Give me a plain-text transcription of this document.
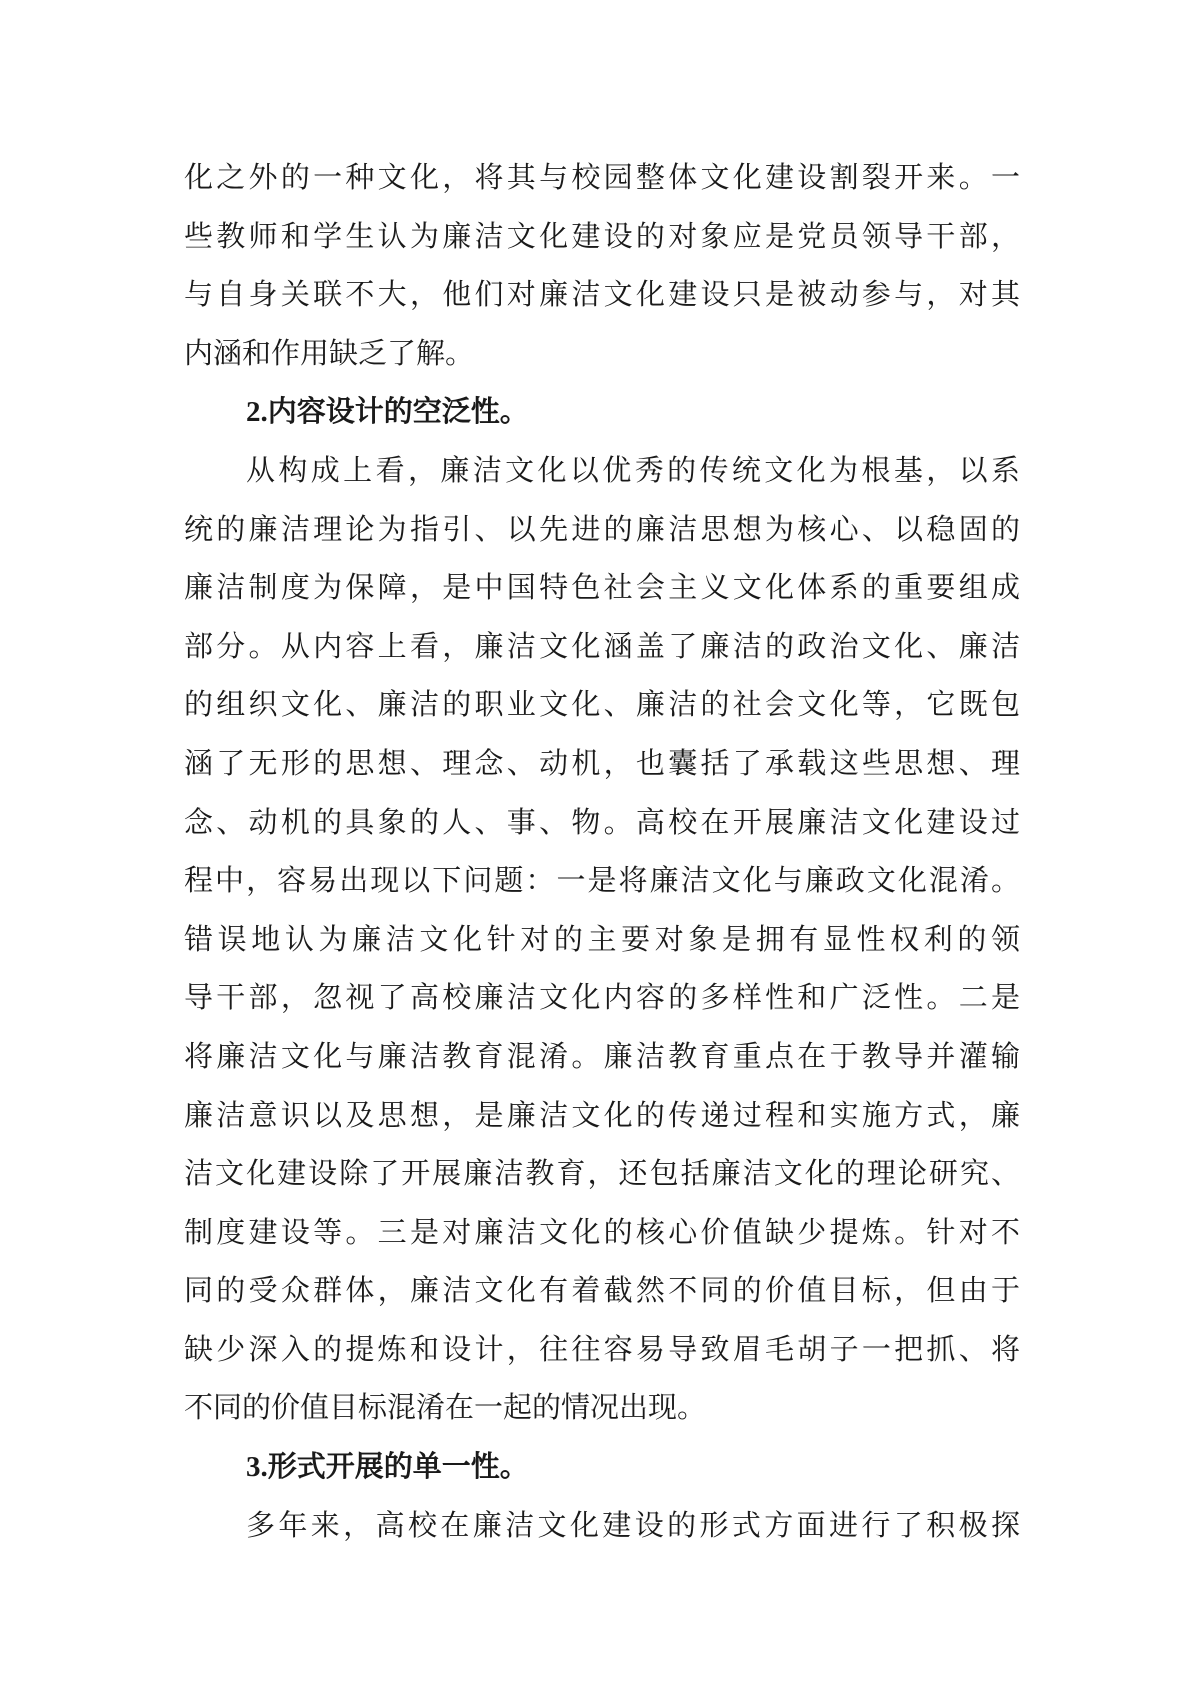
化之外的一种文化，将其与校园整体文化建设割裂开来。一
些教师和学生认为廉洁文化建设的对象应是党员领导干部，
与自身关联不大，他们对廉洁文化建设只是被动参与，对其
内涵和作用缺乏了解。
2.内容设计的空泛性。
从构成上看，廉洁文化以优秀的传统文化为根基，以系
统的廉洁理论为指引、以先进的廉洁思想为核心、以稳固的
廉洁制度为保障，是中国特色社会主义文化体系的重要组成
部分。从内容上看，廉洁文化涵盖了廉洁的政治文化、廉洁
的组织文化、廉洁的职业文化、廉洁的社会文化等，它既包
涵了无形的思想、理念、动机，也囊括了承载这些思想、理
念、动机的具象的人、事、物。高校在开展廉洁文化建设过
程中，容易出现以下问题：一是将廉洁文化与廉政文化混淆。
错误地认为廉洁文化针对的主要对象是拥有显性权利的领
导干部，忽视了高校廉洁文化内容的多样性和广泛性。二是
将廉洁文化与廉洁教育混淆。廉洁教育重点在于教导并灌输
廉洁意识以及思想，是廉洁文化的传递过程和实施方式，廉
洁文化建设除了开展廉洁教育，还包括廉洁文化的理论研究、
制度建设等。三是对廉洁文化的核心价值缺少提炼。针对不
同的受众群体，廉洁文化有着截然不同的价值目标，但由于
缺少深入的提炼和设计，往往容易导致眉毛胡子一把抓、将
不同的价值目标混淆在一起的情况出现。
3.形式开展的单一性。
多年来，高校在廉洁文化建设的形式方面进行了积极探
